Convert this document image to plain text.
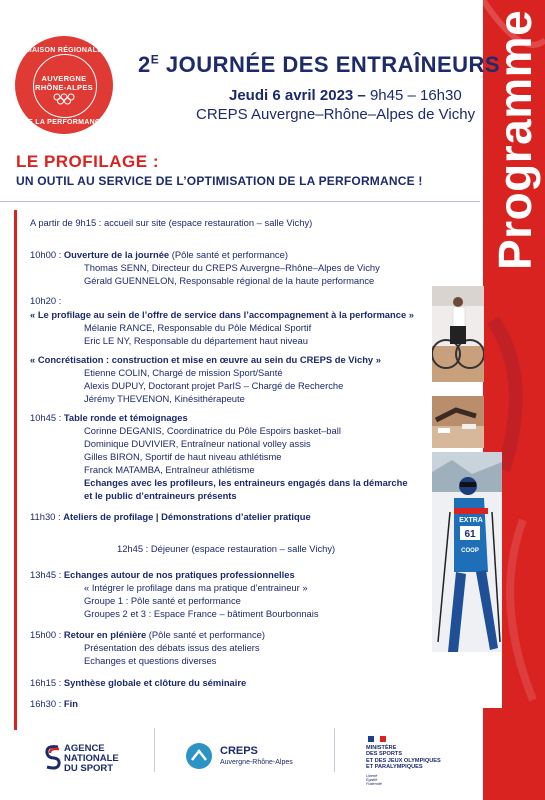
Programme
MAISON RÉGIONALE
AUVERGNE
RHÔNE-ALPES
DE LA PERFORMANCE
$2^E$ JOURNÉE DES ENTRAÎNEURS
Jeudi 6 avril 2023 – 9h45 – 16h30
CREPS Auvergne–Rhône–Alpes de Vichy
LE PROFILAGE :
UN OUTIL AU SERVICE DE L’OPTIMISATION DE LA PERFORMANCE !
A partir de 9h15 : accueil sur site (espace restauration – salle Vichy)
10h00 : Ouverture de la journée (Pôle santé et performance)
Thomas SENN, Directeur du CREPS Auvergne–Rhône–Alpes de Vichy
Gérald GUENNELON, Responsable régional de la haute performance
10h20 :
« Le profilage au sein de l’offre de service dans l’accompagnement à la performance »
Mélanie RANCE, Responsable du Pôle Médical Sportif
Eric LE NY, Responsable du département haut niveau
« Concrétisation : construction et mise en œuvre au sein du CREPS de Vichy »
Etienne COLIN, Chargé de mission Sport/Santé
Alexis DUPUY, Doctorant projet ParIS – Chargé de Recherche
Jérémy THEVENON, Kinésithérapeute
10h45 : Table ronde et témoignages
Corinne DEGANIS, Coordinatrice du Pôle Espoirs basket–ball
Dominique DUVIVIER, Entraîneur national volley assis
Gilles BIRON, Sportif de haut niveau athlétisme
Franck MATAMBA, Entraîneur athlétisme
Echanges avec les profileurs, les entraineurs engagés dans la démarche
et le public d’entraineurs présents
11h30 : Ateliers de profilage | Démonstrations d’atelier pratique
12h45 : Déjeuner (espace restauration – salle Vichy)
13h45 : Echanges autour de nos pratiques professionnelles
« Intégrer le profilage dans ma pratique d’entraineur »
Groupe 1 : Pôle santé et performance
Groupes 2 et 3 : Espace France – bâtiment Bourbonnais
15h00 : Retour en plénière (Pôle santé et performance)
Présentation des débats issus des ateliers
Echanges et questions diverses
16h15 : Synthèse globale et clôture du séminaire
16h30 : Fin
61
EXTRA
COOP
AGENCE
NATIONALE
DU SPORT
CREPS
Auvergne-Rhône-Alpes
MINISTÈRE
DES SPORTS
ET DES JEUX OLYMPIQUES
ET PARALYMPIQUES
Liberté
Égalité
Fraternité
